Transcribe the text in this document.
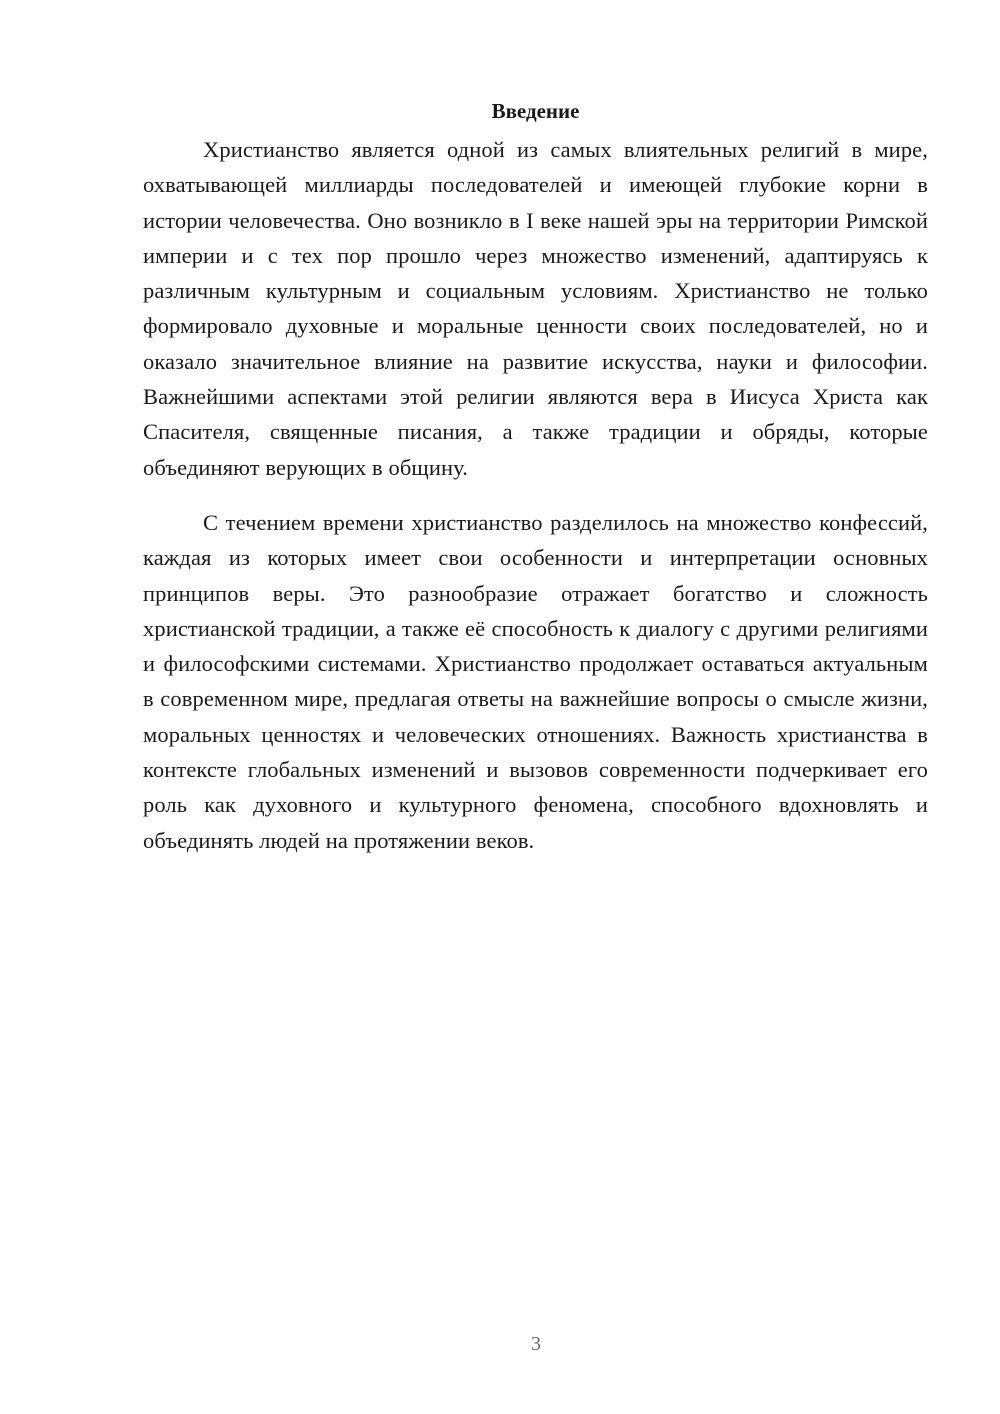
Введение

Христианство является одной из самых влиятельных религий в мире, охватывающей миллиарды последователей и имеющей глубокие корни в истории человечества. Оно возникло в I веке нашей эры на территории Римской империи и с тех пор прошло через множество изменений, адаптируясь к различным культурным и социальным условиям. Христианство не только формировало духовные и моральные ценности своих последователей, но и оказало значительное влияние на развитие искусства, науки и философии. Важнейшими аспектами этой религии являются вера в Иисуса Христа как Спасителя, священные писания, а также традиции и обряды, которые объединяют верующих в общину.

С течением времени христианство разделилось на множество конфессий, каждая из которых имеет свои особенности и интерпретации основных принципов веры. Это разнообразие отражает богатство и сложность христианской традиции, а также её способность к диалогу с другими религиями и философскими системами. Христианство продолжает оставаться актуальным в современном мире, предлагая ответы на важнейшие вопросы о смысле жизни, моральных ценностях и человеческих отношениях. Важность христианства в контексте глобальных изменений и вызовов современности подчеркивает его роль как духовного и культурного феномена, способного вдохновлять и объединять людей на протяжении веков.

3
